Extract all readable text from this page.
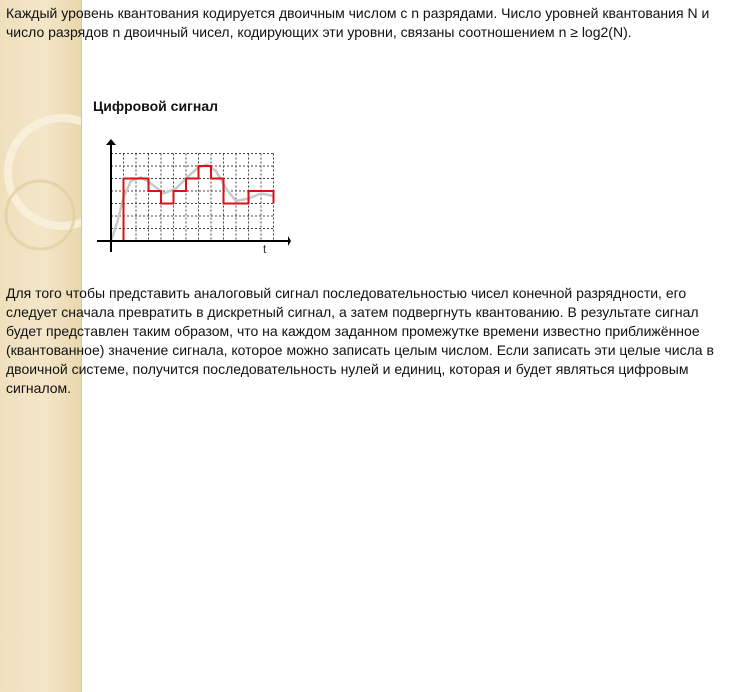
Каждый уровень квантования кодируется двоичным числом с n разрядами. Число уровней квантования N и число разрядов n двоичный чисел, кодирующих эти уровни, связаны соотношением n ≥ log2(N).

Цифровой сигнал
t

Для того чтобы представить аналоговый сигнал последовательностью чисел конечной разрядности, его следует сначала превратить в дискретный сигнал, а затем подвергнуть квантованию. В результате сигнал будет представлен таким образом, что на каждом заданном промежутке времени известно приближённое (квантованное) значение сигнала, которое можно записать целым числом. Если записать эти целые числа в двоичной системе, получится последовательность нулей и единиц, которая и будет являться цифровым сигналом.
